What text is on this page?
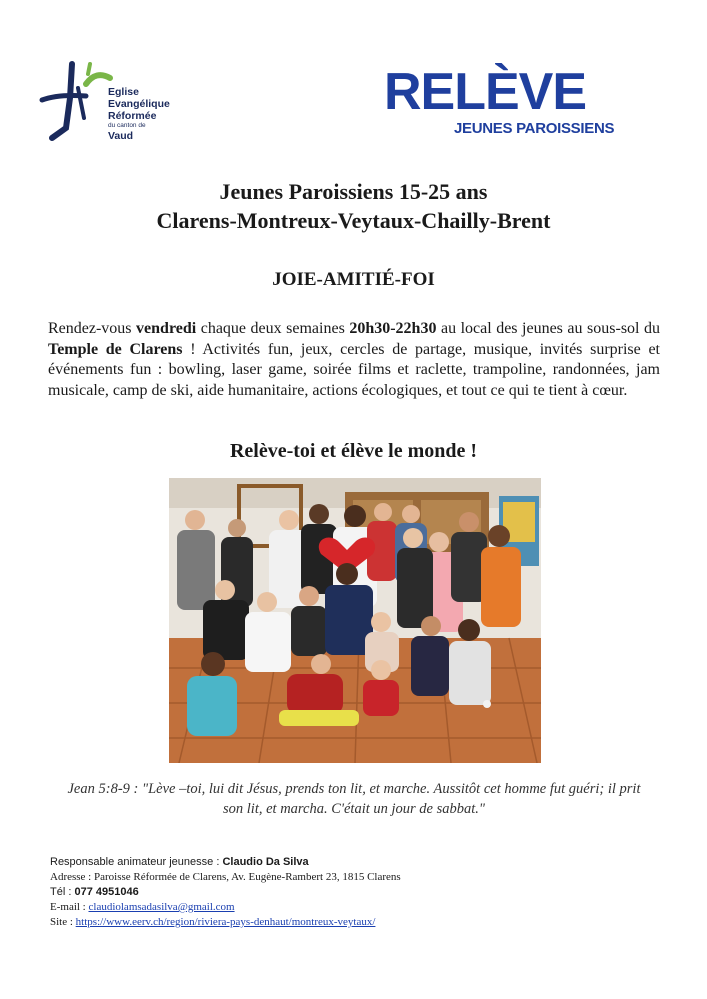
Eglise
Evangélique
Réformée
du canton de
Vaud
RELÈVE
JEUNES PAROISSIENS
Jeunes Paroissiens 15-25 ans
Clarens-Montreux-Veytaux-Chailly-Brent
JOIE-AMITIÉ-FOI
Rendez-vous vendredi chaque deux semaines 20h30-22h30 au local des jeunes au sous-sol du Temple de Clarens ! Activités fun, jeux, cercles de partage, musique, invités surprise et événements fun : bowling, laser game, soirée films et raclette, trampoline, randonnées, jam musicale, camp de ski, aide humanitaire, actions écologiques, et tout ce qui te tient à cœur.
Relève-toi et élève le monde !
Jean 5:8-9 : "Lève –toi, lui dit Jésus, prends ton lit, et marche. Aussitôt cet homme fut guéri; il prit son lit, et marcha. C'était un jour de sabbat."
Responsable animateur jeunesse : Claudio Da Silva
Adresse : Paroisse Réformée de Clarens, Av. Eugène-Rambert 23, 1815 Clarens
Tél : 077 4951046
E-mail : claudiolamsadasilva@gmail.com
Site : https://www.eerv.ch/region/riviera-pays-denhaut/montreux-veytaux/
